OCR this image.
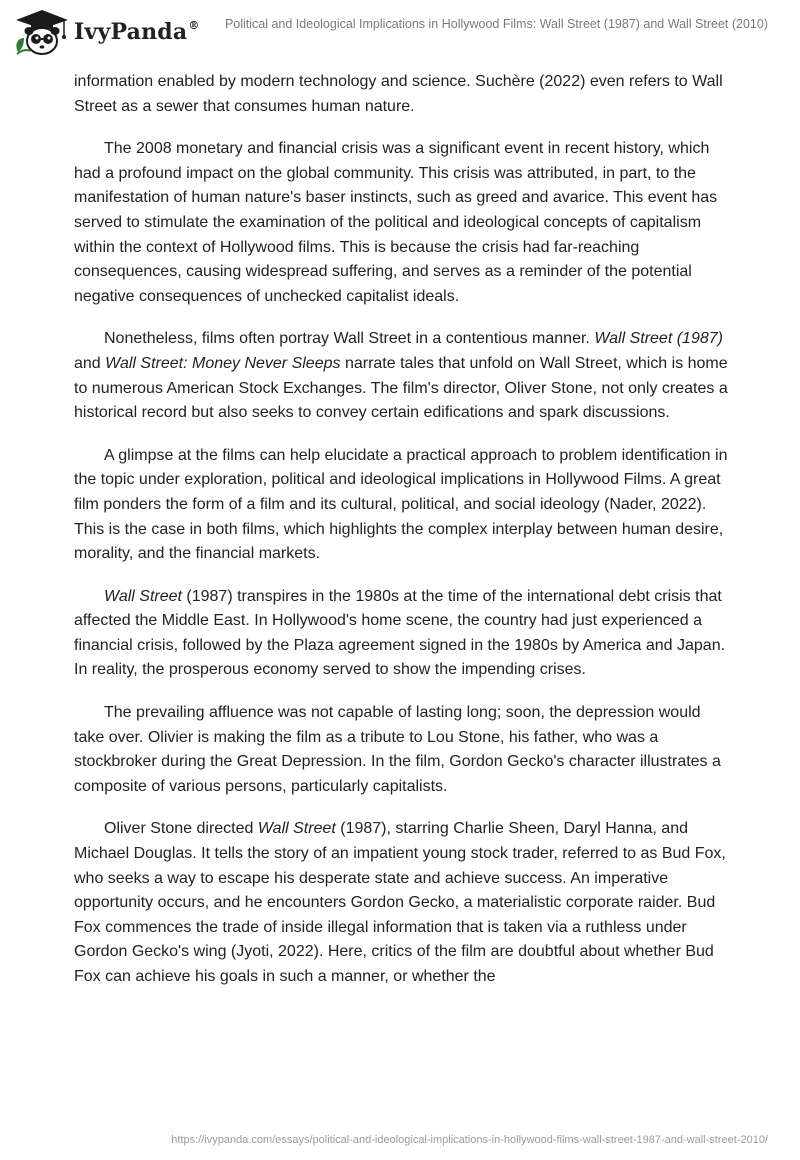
IvyPanda®	Political and Ideological Implications in Hollywood Films: Wall Street (1987) and Wall Street (2010)

information enabled by modern technology and science. Suchère (2022) even refers to Wall Street as a sewer that consumes human nature.

The 2008 monetary and financial crisis was a significant event in recent history, which had a profound impact on the global community. This crisis was attributed, in part, to the manifestation of human nature's baser instincts, such as greed and avarice. This event has served to stimulate the examination of the political and ideological concepts of capitalism within the context of Hollywood films. This is because the crisis had far-reaching consequences, causing widespread suffering, and serves as a reminder of the potential negative consequences of unchecked capitalist ideals.

Nonetheless, films often portray Wall Street in a contentious manner. Wall Street (1987) and Wall Street: Money Never Sleeps narrate tales that unfold on Wall Street, which is home to numerous American Stock Exchanges. The film's director, Oliver Stone, not only creates a historical record but also seeks to convey certain edifications and spark discussions.

A glimpse at the films can help elucidate a practical approach to problem identification in the topic under exploration, political and ideological implications in Hollywood Films. A great film ponders the form of a film and its cultural, political, and social ideology (Nader, 2022). This is the case in both films, which highlights the complex interplay between human desire, morality, and the financial markets.

Wall Street (1987) transpires in the 1980s at the time of the international debt crisis that affected the Middle East. In Hollywood's home scene, the country had just experienced a financial crisis, followed by the Plaza agreement signed in the 1980s by America and Japan. In reality, the prosperous economy served to show the impending crises.

The prevailing affluence was not capable of lasting long; soon, the depression would take over. Olivier is making the film as a tribute to Lou Stone, his father, who was a stockbroker during the Great Depression. In the film, Gordon Gecko's character illustrates a composite of various persons, particularly capitalists.

Oliver Stone directed Wall Street (1987), starring Charlie Sheen, Daryl Hanna, and Michael Douglas. It tells the story of an impatient young stock trader, referred to as Bud Fox, who seeks a way to escape his desperate state and achieve success. An imperative opportunity occurs, and he encounters Gordon Gecko, a materialistic corporate raider. Bud Fox commences the trade of inside illegal information that is taken via a ruthless under Gordon Gecko's wing (Jyoti, 2022). Here, critics of the film are doubtful about whether Bud Fox can achieve his goals in such a manner, or whether the

https://ivypanda.com/essays/political-and-ideological-implications-in-hollywood-films-wall-street-1987-and-wall-street-2010/
